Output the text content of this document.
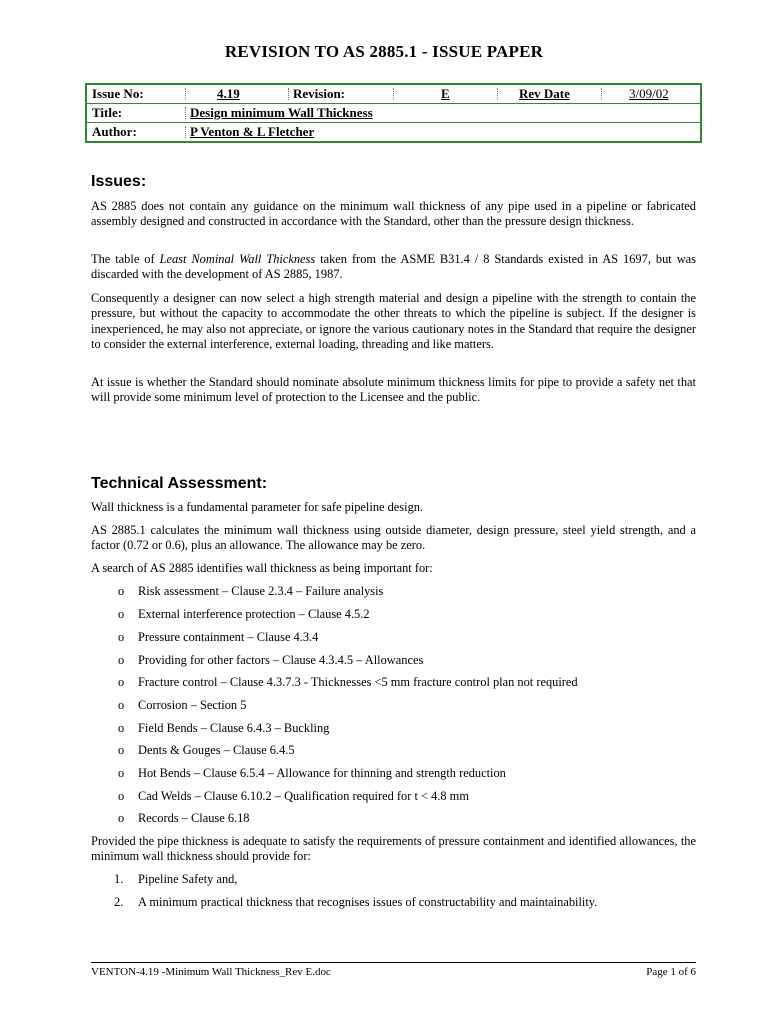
REVISION TO AS 2885.1 - ISSUE PAPER
Issue No:	4.19	Revision:	E	Rev Date	3/09/02
Title:	Design minimum Wall Thickness
Author:	P Venton & L Fletcher
Issues:
AS 2885 does not contain any guidance on the minimum wall thickness of any pipe used in a pipeline or fabricated assembly designed and constructed in accordance with the Standard, other than the pressure design thickness.
The table of Least Nominal Wall Thickness taken from the ASME B31.4 / 8 Standards existed in AS 1697, but was discarded with the development of AS 2885, 1987.
Consequently a designer can now select a high strength material and design a pipeline with the strength to contain the pressure, but without the capacity to accommodate the other threats to which the pipeline is subject. If the designer is inexperienced, he may also not appreciate, or ignore the various cautionary notes in the Standard that require the designer to consider the external interference, external loading, threading and like matters.
At issue is whether the Standard should nominate absolute minimum thickness limits for pipe to provide a safety net that will provide some minimum level of protection to the Licensee and the public.
Technical Assessment:
Wall thickness is a fundamental parameter for safe pipeline design.
AS 2885.1 calculates the minimum wall thickness using outside diameter, design pressure, steel yield strength, and a factor (0.72 or 0.6), plus an allowance. The allowance may be zero.
A search of AS 2885 identifies wall thickness as being important for:
o Risk assessment – Clause 2.3.4 – Failure analysis
o External interference protection – Clause 4.5.2
o Pressure containment – Clause 4.3.4
o Providing for other factors – Clause 4.3.4.5 – Allowances
o Fracture control – Clause 4.3.7.3 - Thicknesses <5 mm fracture control plan not required
o Corrosion – Section 5
o Field Bends – Clause 6.4.3 – Buckling
o Dents & Gouges – Clause 6.4.5
o Hot Bends – Clause 6.5.4 – Allowance for thinning and strength reduction
o Cad Welds – Clause 6.10.2 – Qualification required for t < 4.8 mm
o Records – Clause 6.18
Provided the pipe thickness is adequate to satisfy the requirements of pressure containment and identified allowances, the minimum wall thickness should provide for:
1. Pipeline Safety and,
2. A minimum practical thickness that recognises issues of constructability and maintainability.
VENTON-4.19 -Minimum Wall Thickness_Rev E.doc	Page 1 of 6
